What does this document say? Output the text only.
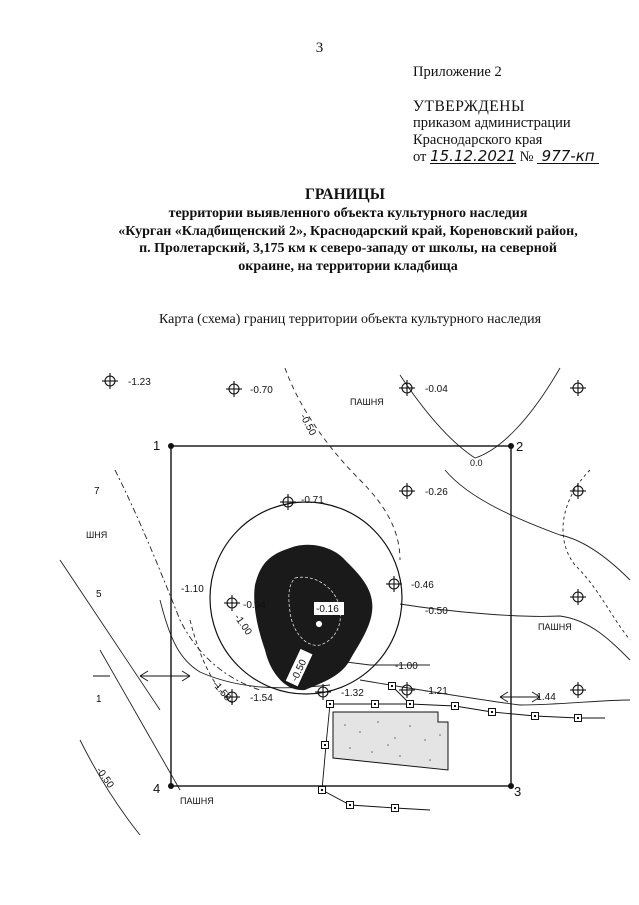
3
Приложение 2
УТВЕРЖДЕНЫ
приказом администрации
Краснодарского края
от 15.12.2021 № 977-кп
ГРАНИЦЫ
территории выявленного объекта культурного наследия
«Курган «Кладбищенский 2», Краснодарский край, Кореновский район,
п. Пролетарский, 3,175 км к северо-западу от школы, на северной
окраине, на территории кладбища
Карта (схема) границ территории объекта культурного наследия
1	2
3
4
-0.16
-0.50
-1.23
-0.70	-0.04
-0.71
-0.26
-1.10
-0.94
-0.46
-1.54	-1.32	-1.21
-1.44
-0.50
0.0
-1.00
-1.00
-1.50
-0.50
-0.50
ПАШНЯ
ПАШНЯ
ПАШНЯ
ШНЯ
7
5
1
